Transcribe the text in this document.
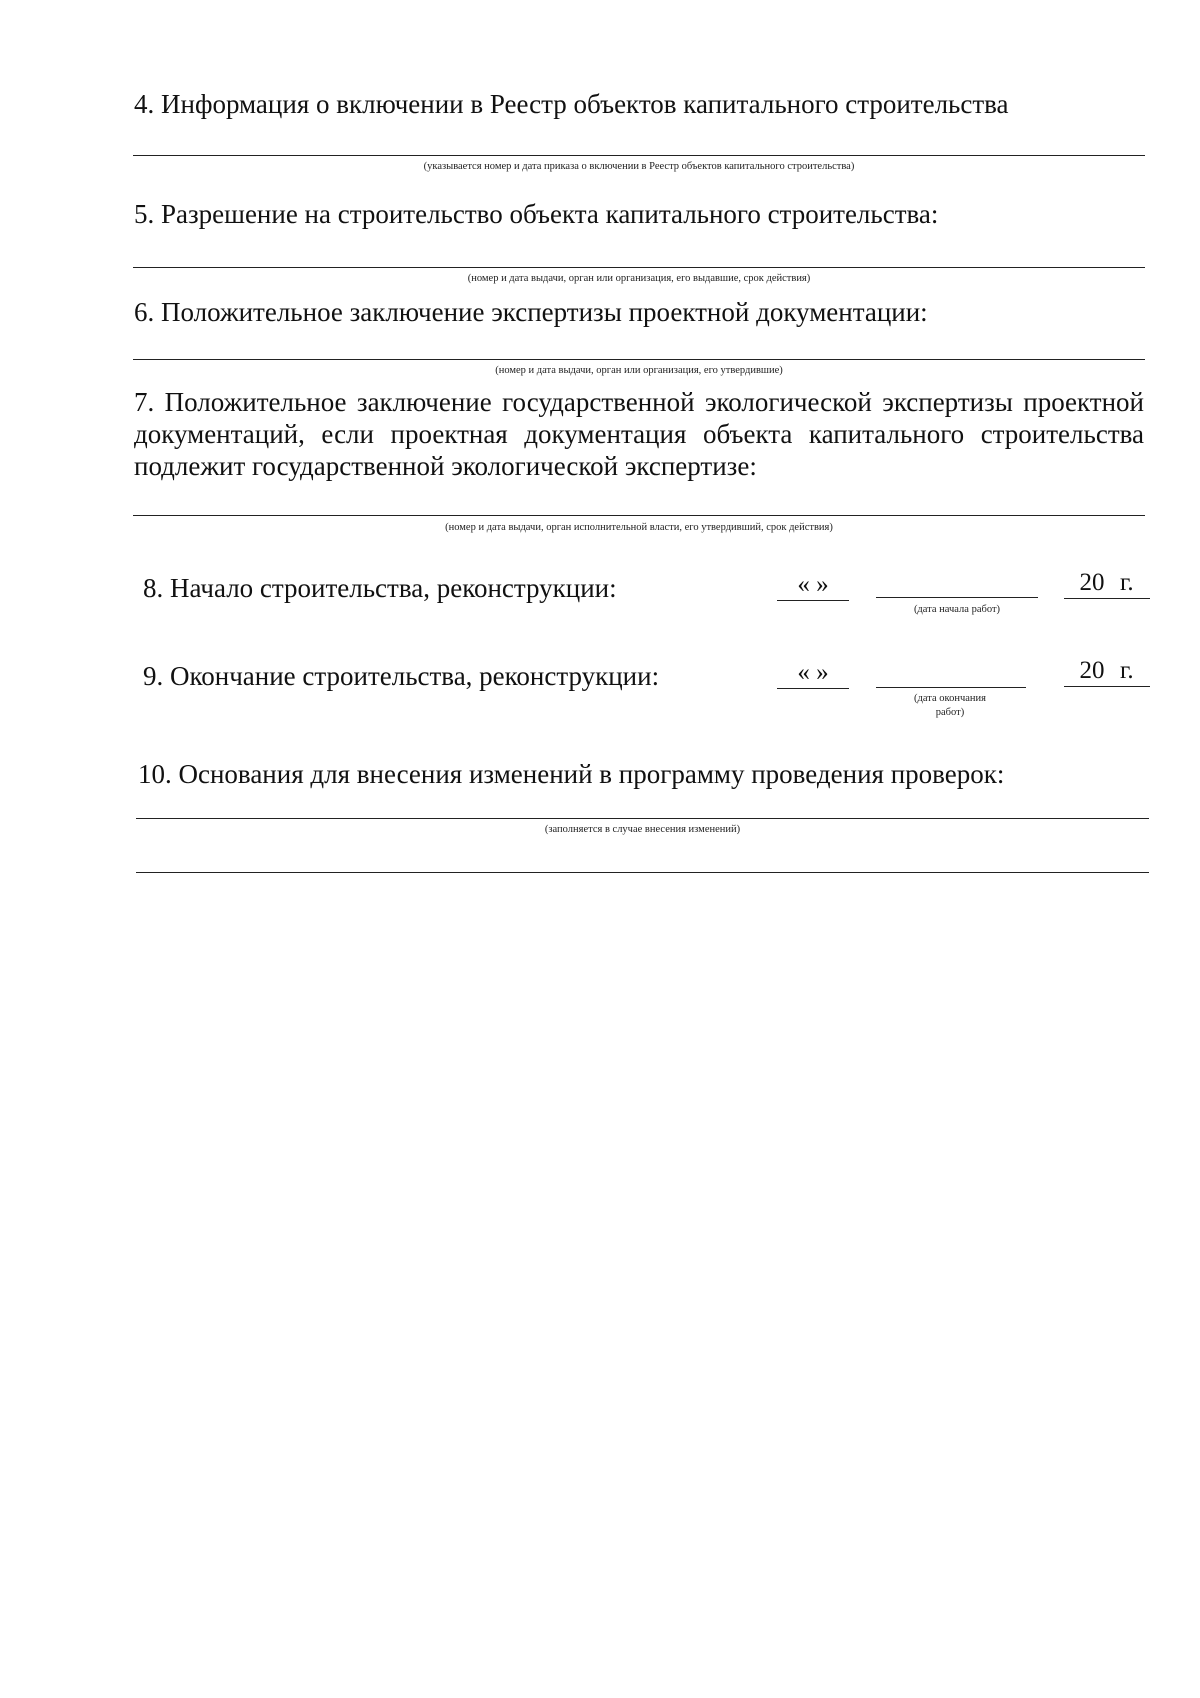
4. Информация о включении в Реестр объектов капитального строительства
(указывается номер и дата приказа о включении в Реестр объектов капитального строительства)
5. Разрешение на строительство объекта капитального строительства:
(номер и дата выдачи, орган или организация, его выдавшие, срок действия)
6. Положительное заключение экспертизы проектной документации:
(номер и дата выдачи, орган или организация, его утвердившие)
7. Положительное заключение государственной экологической экспертизы проектной документаций, если проектная документация объекта капитального строительства подлежит государственной экологической экспертизе:
(номер и дата выдачи, орган исполнительной власти, его утвердивший, срок действия)
8. Начало строительства, реконструкции:	« »
(дата начала работ)
20 г.
9. Окончание строительства, реконструкции:	« »
(дата окончания работ)
20 г.
10. Основания для внесения изменений в программу проведения проверок:
(заполняется в случае внесения изменений)
